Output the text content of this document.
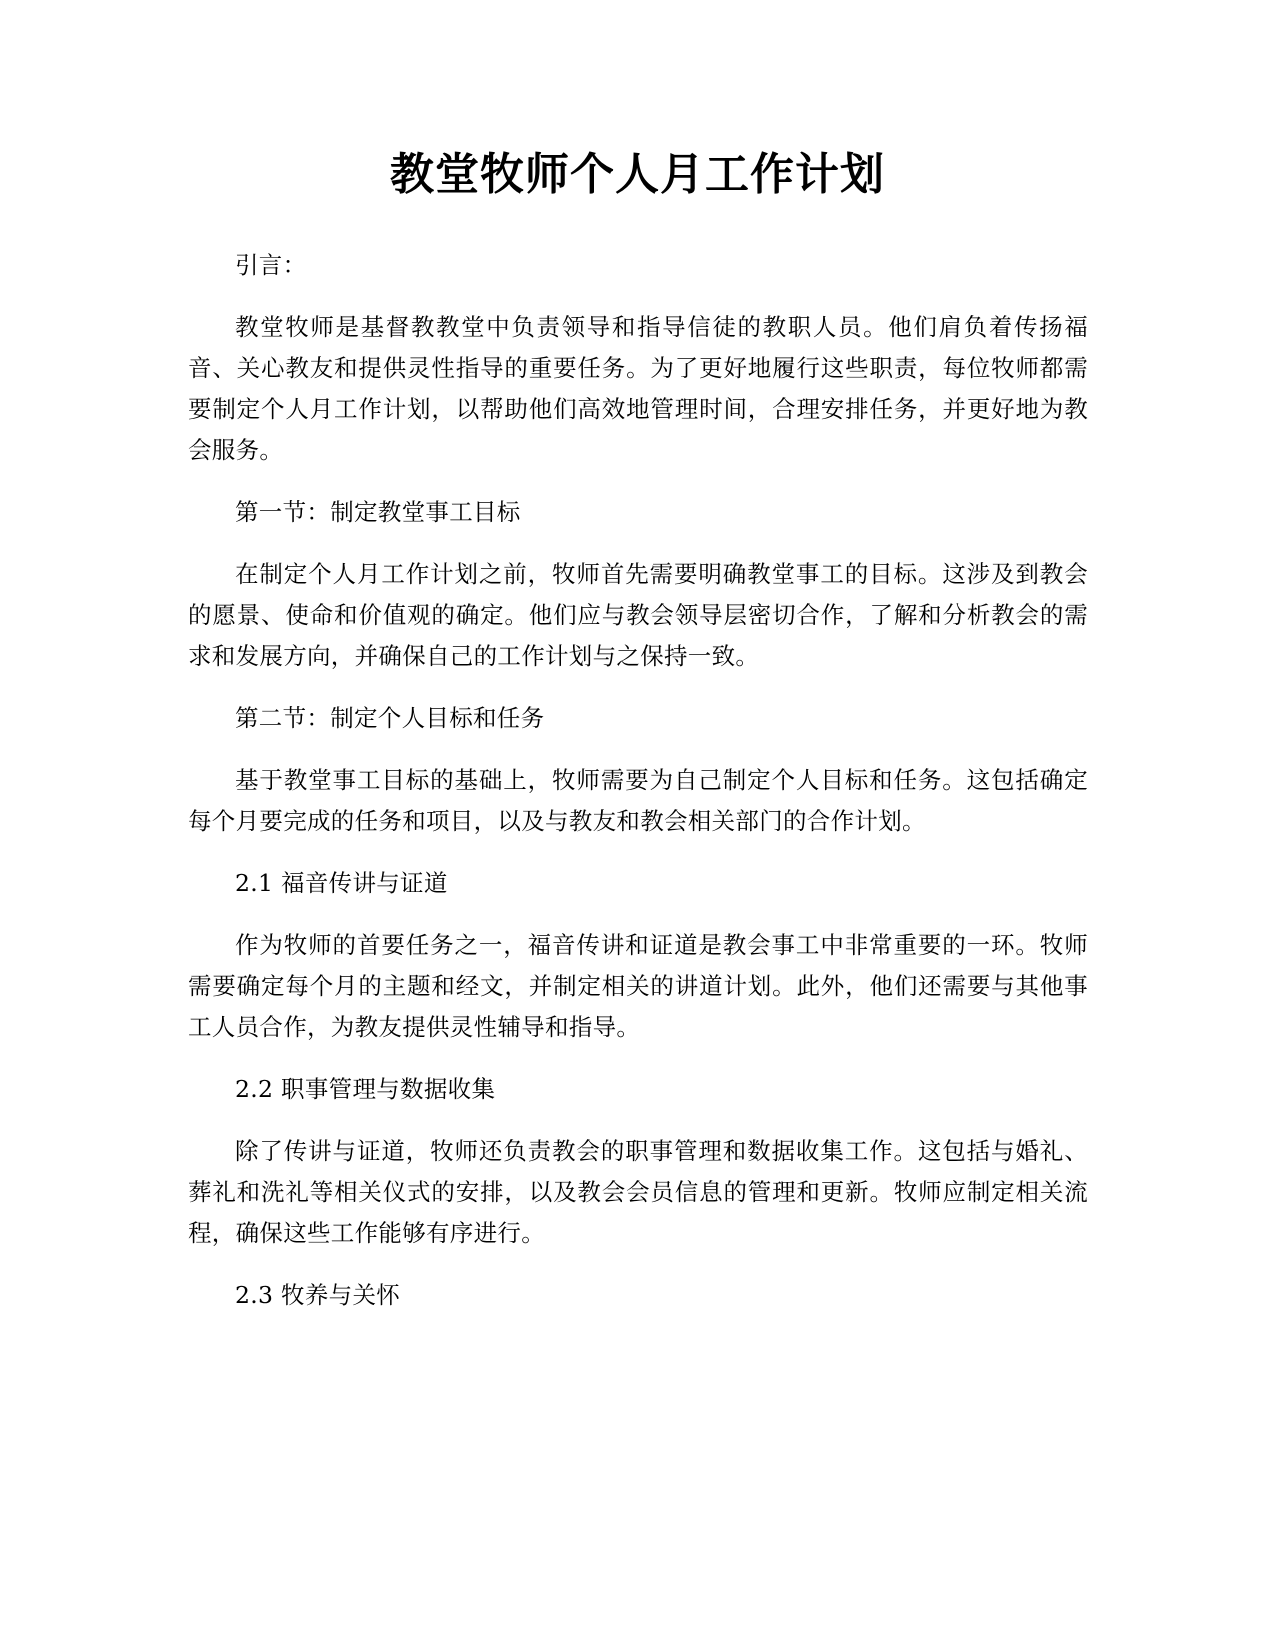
教堂牧师个人月工作计划

引言：

教堂牧师是基督教教堂中负责领导和指导信徒的教职人员。他们肩负着传扬福音、关心教友和提供灵性指导的重要任务。为了更好地履行这些职责，每位牧师都需要制定个人月工作计划，以帮助他们高效地管理时间，合理安排任务，并更好地为教会服务。

第一节：制定教堂事工目标

在制定个人月工作计划之前，牧师首先需要明确教堂事工的目标。这涉及到教会的愿景、使命和价值观的确定。他们应与教会领导层密切合作，了解和分析教会的需求和发展方向，并确保自己的工作计划与之保持一致。

第二节：制定个人目标和任务

基于教堂事工目标的基础上，牧师需要为自己制定个人目标和任务。这包括确定每个月要完成的任务和项目，以及与教友和教会相关部门的合作计划。

2.1 福音传讲与证道

作为牧师的首要任务之一，福音传讲和证道是教会事工中非常重要的一环。牧师需要确定每个月的主题和经文，并制定相关的讲道计划。此外，他们还需要与其他事工人员合作，为教友提供灵性辅导和指导。

2.2 职事管理与数据收集

除了传讲与证道，牧师还负责教会的职事管理和数据收集工作。这包括与婚礼、葬礼和洗礼等相关仪式的安排，以及教会会员信息的管理和更新。牧师应制定相关流程，确保这些工作能够有序进行。

2.3 牧养与关怀
